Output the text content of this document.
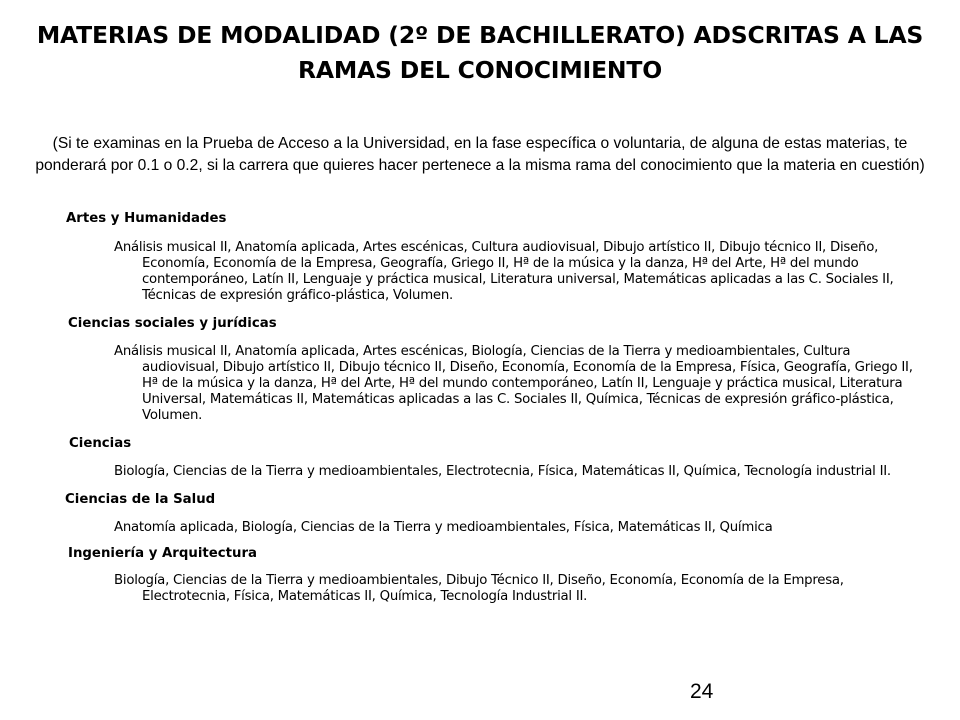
MATERIAS DE MODALIDAD (2º DE BACHILLERATO) ADSCRITAS A LAS RAMAS DEL CONOCIMIENTO
(Si te examinas en la Prueba de Acceso a la Universidad, en la fase específica o voluntaria, de alguna de estas materias, te ponderará por 0.1 o 0.2, si la carrera que quieres hacer pertenece a la misma rama del conocimiento que la materia en cuestión)

Artes y Humanidades

Análisis musical II, Anatomía aplicada, Artes escénicas, Cultura audiovisual, Dibujo artístico II, Dibujo técnico II, Diseño, Economía, Economía de la Empresa, Geografía, Griego II, Hª de la música y la danza, Hª del Arte, Hª del mundo contemporáneo, Latín II, Lenguaje y práctica musical, Literatura universal, Matemáticas aplicadas a las C. Sociales II, Técnicas de expresión gráfico-plástica, Volumen.

Ciencias sociales y jurídicas

Análisis musical II, Anatomía aplicada, Artes escénicas, Biología, Ciencias de la Tierra y medioambientales, Cultura audiovisual, Dibujo artístico II, Dibujo técnico II, Diseño, Economía, Economía de la Empresa, Física, Geografía, Griego II, Hª de la música y la danza, Hª del Arte, Hª del mundo contemporáneo, Latín II, Lenguaje y práctica musical, Literatura Universal, Matemáticas II, Matemáticas aplicadas a las C. Sociales II, Química, Técnicas de expresión gráfico-plástica, Volumen.

Ciencias

Biología, Ciencias de la Tierra y medioambientales, Electrotecnia, Física, Matemáticas II, Química, Tecnología industrial II.

Ciencias de la Salud

Anatomía aplicada, Biología, Ciencias de la Tierra y medioambientales, Física, Matemáticas II, Química

Ingeniería y Arquitectura

Biología, Ciencias de la Tierra y medioambientales, Dibujo Técnico II, Diseño, Economía, Economía de la Empresa, Electrotecnia, Física, Matemáticas II, Química, Tecnología Industrial II.

24
